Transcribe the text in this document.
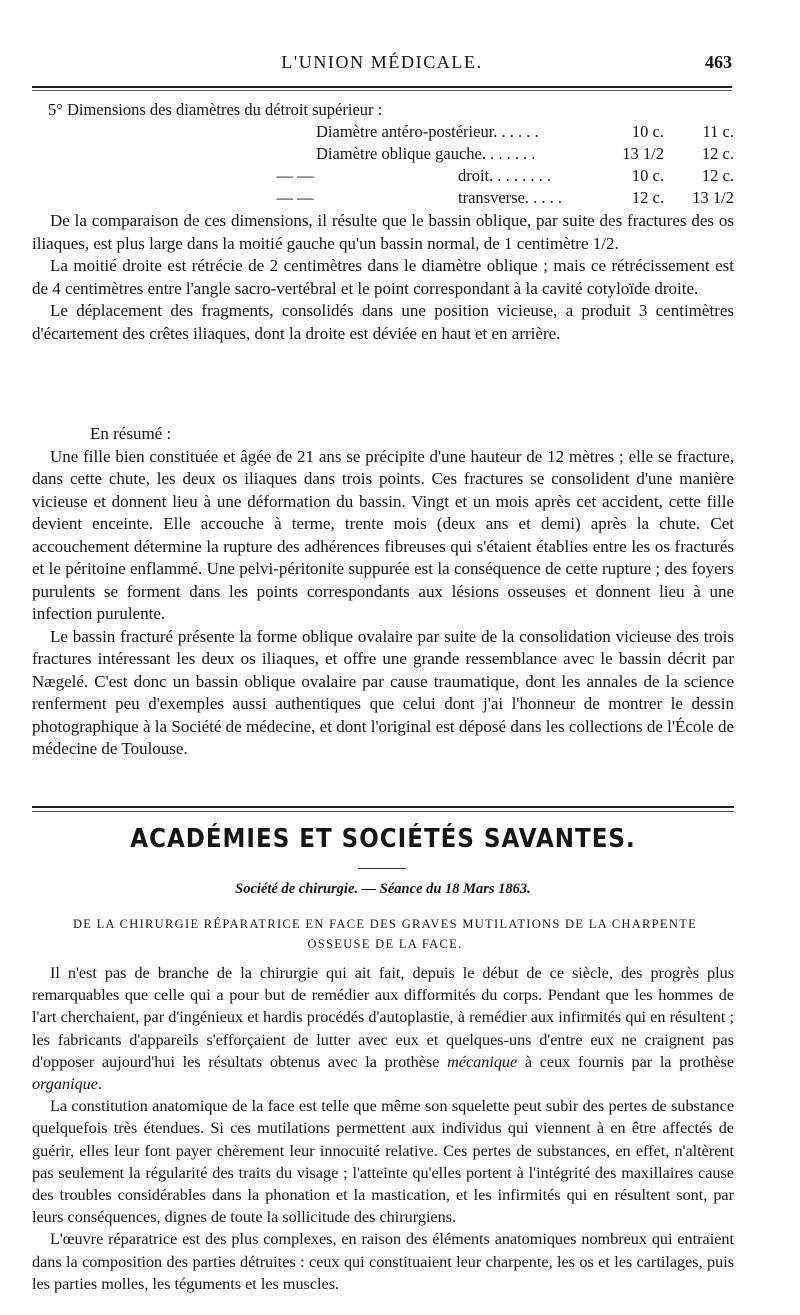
L'UNION MÉDICALE.	463
5° Dimensions des diamètres du détroit supérieur :
Diamètre antéro-postérieur. . . . . .	10 c.	11 c.
Diamètre oblique gauche. . . . . . .	13 1/2	12 c.
— —	droit. . . . . . . .	10 c.	12 c.
— —	transverse. . . . .	12 c.	13 1/2

De la comparaison de ces dimensions, il résulte que le bassin oblique, par suite des fractures des os iliaques, est plus large dans la moitié gauche qu'un bassin normal, de 1 centimètre 1/2.

La moitié droite est rétrécie de 2 centimètres dans le diamètre oblique ; mais ce rétrécissement est de 4 centimètres entre l'angle sacro-vertébral et le point correspondant à la cavité cotyloïde droite.

Le déplacement des fragments, consolidés dans une position vicieuse, a produit 3 centimètres d'écartement des crêtes iliaques, dont la droite est déviée en haut et en arrière.

En résumé :

Une fille bien constituée et âgée de 21 ans se précipite d'une hauteur de 12 mètres ; elle se fracture, dans cette chute, les deux os iliaques dans trois points. Ces fractures se consolident d'une manière vicieuse et donnent lieu à une déformation du bassin. Vingt et un mois après cet accident, cette fille devient enceinte. Elle accouche à terme, trente mois (deux ans et demi) après la chute. Cet accouchement détermine la rupture des adhérences fibreuses qui s'étaient établies entre les os fracturés et le péritoine enflammé. Une pelvi-péritonite suppurée est la conséquence de cette rupture ; des foyers purulents se forment dans les points correspondants aux lésions osseuses et donnent lieu à une infection purulente.

Le bassin fracturé présente la forme oblique ovalaire par suite de la consolidation vicieuse des trois fractures intéressant les deux os iliaques, et offre une grande ressemblance avec le bassin décrit par Nægelé. C'est donc un bassin oblique ovalaire par cause traumatique, dont les annales de la science renferment peu d'exemples aussi authentiques que celui dont j'ai l'honneur de montrer le dessin photographique à la Société de médecine, et dont l'original est déposé dans les collections de l'École de médecine de Toulouse.

ACADÉMIES ET SOCIÉTÉS SAVANTES.
Société de chirurgie. — Séance du 18 Mars 1863.
DE LA CHIRURGIE RÉPARATRICE EN FACE DES GRAVES MUTILATIONS DE LA CHARPENTE OSSEUSE DE LA FACE.

Il n'est pas de branche de la chirurgie qui ait fait, depuis le début de ce siècle, des progrès plus remarquables que celle qui a pour but de remédier aux difformités du corps. Pendant que les hommes de l'art cherchaient, par d'ingénieux et hardis procédés d'autoplastie, à remédier aux infirmités qui en résultent ; les fabricants d'appareils s'efforçaient de lutter avec eux et quelques-uns d'entre eux ne craignent pas d'opposer aujourd'hui les résultats obtenus avec la prothèse mécanique à ceux fournis par la prothèse organique.

La constitution anatomique de la face est telle que même son squelette peut subir des pertes de substance quelquefois très étendues. Si ces mutilations permettent aux individus qui viennent à en être affectés de guérir, elles leur font payer chèrement leur innocuité relative. Ces pertes de substances, en effet, n'altèrent pas seulement la régularité des traits du visage ; l'atteinte qu'elles portent à l'intégrité des maxillaires cause des troubles considérables dans la phonation et la mastication, et les infirmités qui en résultent sont, par leurs conséquences, dignes de toute la sollicitude des chirurgiens.

L'œuvre réparatrice est des plus complexes, en raison des éléments anatomiques nombreux qui entraient dans la composition des parties détruites : ceux qui constituaient leur charpente, les os et les cartilages, puis les parties molles, les téguments et les muscles.
